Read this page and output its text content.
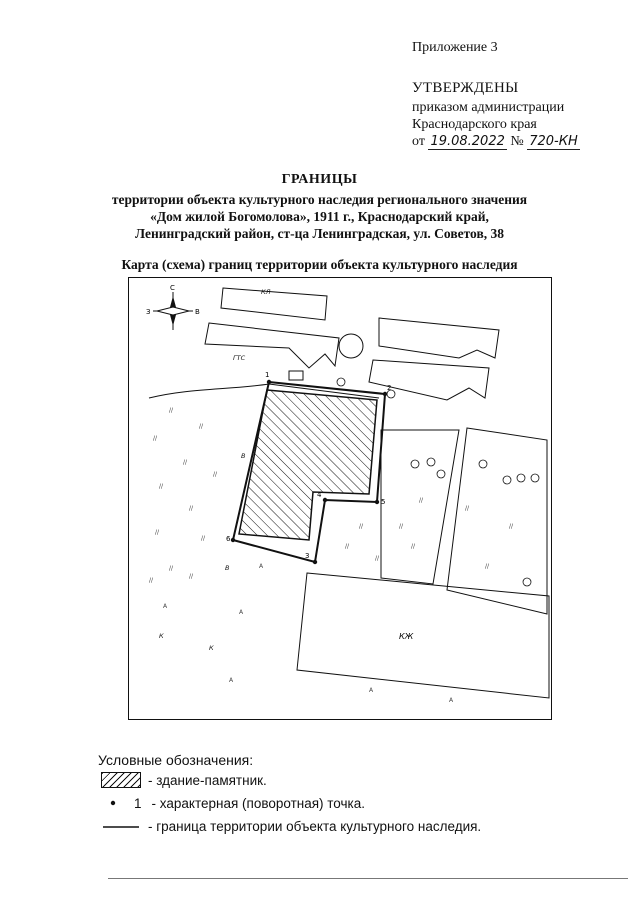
Приложение 3
УТВЕРЖДЕНЫ
приказом администрации
Краснодарского края
от 19.08.2022 № 720-КН
ГРАНИЦЫ
территории объекта культурного наследия регионального значения
«Дом жилой Богомолова», 1911 г., Краснодарский край,
Ленинградский район, ст-ца Ленинградская, ул. Советов, 38
Карта (схема) границ территории объекта культурного наследия
С
З	В
КЖ
1
2
5
4
3
6
ГТС
КЛ
В
В
К
К
//
//
//
//
//
//
//
//
//
//
//
//
А
А
А
А
А
А
//
//
//
//
//
//
//
//
//
Условные обозначения:
- здание-памятник.
1 - характерная (поворотная) точка.
- граница территории объекта культурного наследия.
